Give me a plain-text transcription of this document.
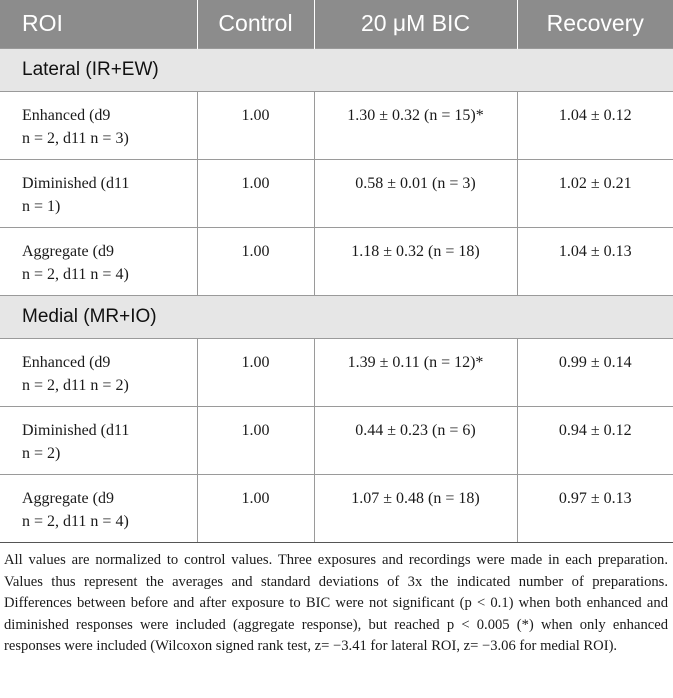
ROI	Control	20 μM BIC	Recovery
Lateral (IR+EW)			
Enhanced (d9
n = 2, d11 n = 3)	1.00	1.30 ± 0.32 (n = 15)*	1.04 ± 0.12
Diminished (d11
n = 1)	1.00	0.58 ± 0.01 (n = 3)	1.02 ± 0.21
Aggregate (d9
n = 2, d11 n = 4)	1.00	1.18 ± 0.32 (n = 18)	1.04 ± 0.13
Medial (MR+IO)			
Enhanced (d9
n = 2, d11 n = 2)	1.00	1.39 ± 0.11 (n = 12)*	0.99 ± 0.14
Diminished (d11
n = 2)	1.00	0.44 ± 0.23 (n = 6)	0.94 ± 0.12
Aggregate (d9
n = 2, d11 n = 4)	1.00	1.07 ± 0.48 (n = 18)	0.97 ± 0.13

All values are normalized to control values. Three exposures and recordings were made in each preparation. Values thus represent the averages and standard deviations of 3x the indicated number of preparations. Differences between before and after exposure to BIC were not significant (p < 0.1) when both enhanced and diminished responses were included (aggregate response), but reached p < 0.005 (*) when only enhanced responses were included (Wilcoxon signed rank test, z= −3.41 for lateral ROI, z= −3.06 for medial ROI).
